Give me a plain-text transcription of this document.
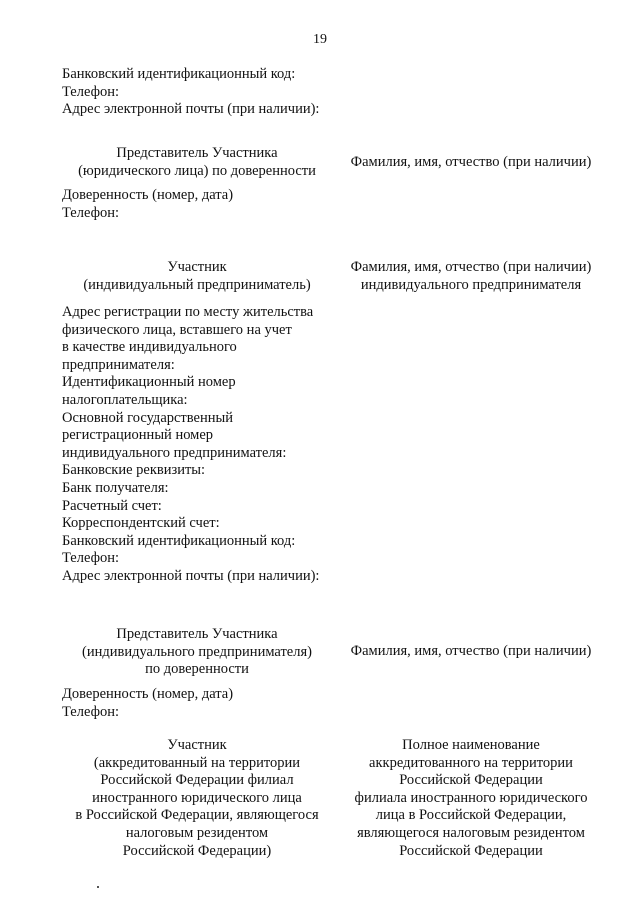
19
Банковский идентификационный код:
Телефон:
Адрес электронной почты (при наличии):
Представитель Участника
(юридического лица) по доверенности
Фамилия, имя, отчество (при наличии)
Доверенность (номер, дата)
Телефон:
Участник
(индивидуальный предприниматель)
Фамилия, имя, отчество (при наличии)
индивидуального предпринимателя
Адрес регистрации по месту жительства
физического лица, вставшего на учет
в качестве индивидуального
предпринимателя:
Идентификационный номер
налогоплательщика:
Основной государственный
регистрационный номер
индивидуального предпринимателя:
Банковские реквизиты:
Банк получателя:
Расчетный счет:
Корреспондентский счет:
Банковский идентификационный код:
Телефон:
Адрес электронной почты (при наличии):
Представитель Участника
(индивидуального предпринимателя)
по доверенности
Фамилия, имя, отчество (при наличии)
Доверенность (номер, дата)
Телефон:
Участник
(аккредитованный на территории
Российской Федерации филиал
иностранного юридического лица
в Российской Федерации, являющегося
налоговым резидентом
Российской Федерации)
Полное наименование
аккредитованного на территории
Российской Федерации
филиала иностранного юридического
лица в Российской Федерации,
являющегося налоговым резидентом
Российской Федерации
